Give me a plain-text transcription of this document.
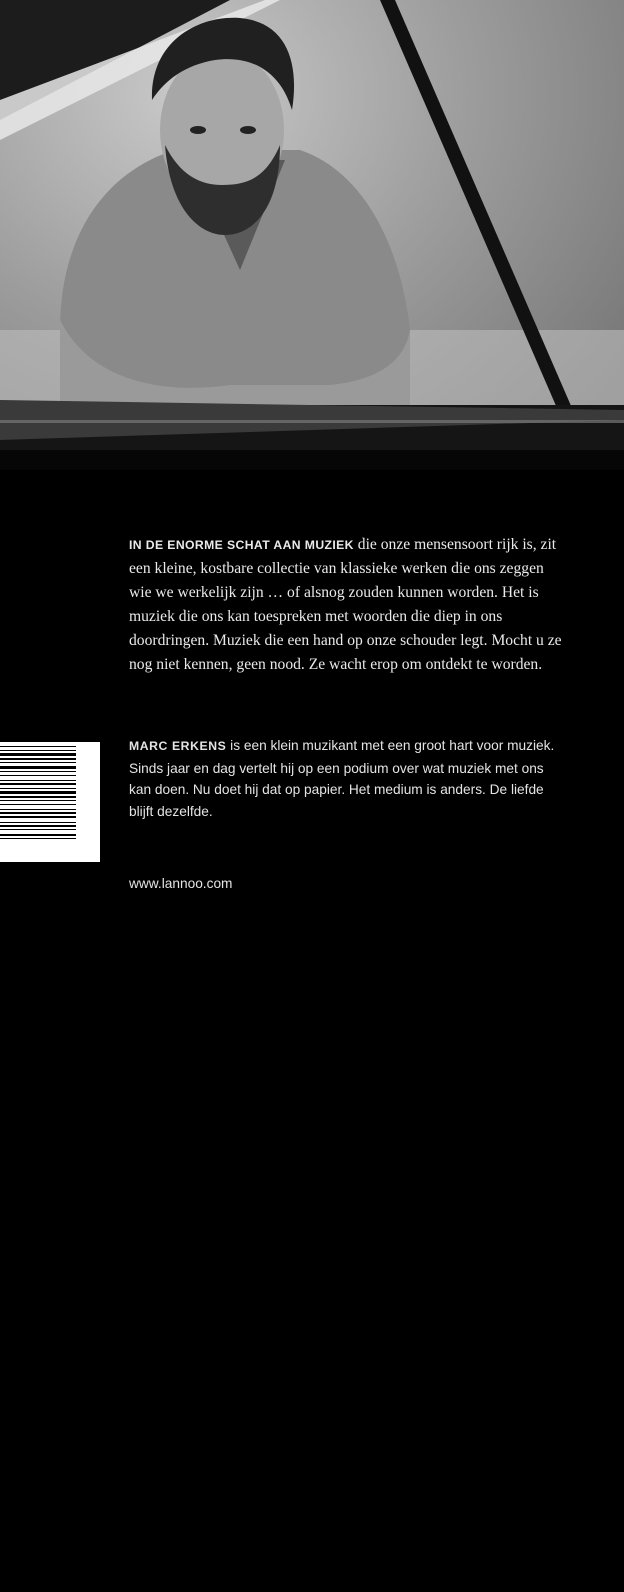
IN DE ENORME SCHAT AAN MUZIEK die onze mensensoort rijk is, zit een kleine, kostbare collectie van klassieke werken die ons zeggen wie we werkelijk zijn … of alsnog zouden kunnen worden. Het is muziek die ons kan toespreken met woorden die diep in ons doordringen. Muziek die een hand op onze schouder legt. Mocht u ze nog niet kennen, geen nood. Ze wacht erop om ontdekt te worden.
MARC ERKENS is een klein muzikant met een groot hart voor muziek. Sinds jaar en dag vertelt hij op een podium over wat muziek met ons kan doen. Nu doet hij dat op papier. Het medium is anders. De liefde blijft dezelfde.
www.lannoo.com
9 789401 464369
